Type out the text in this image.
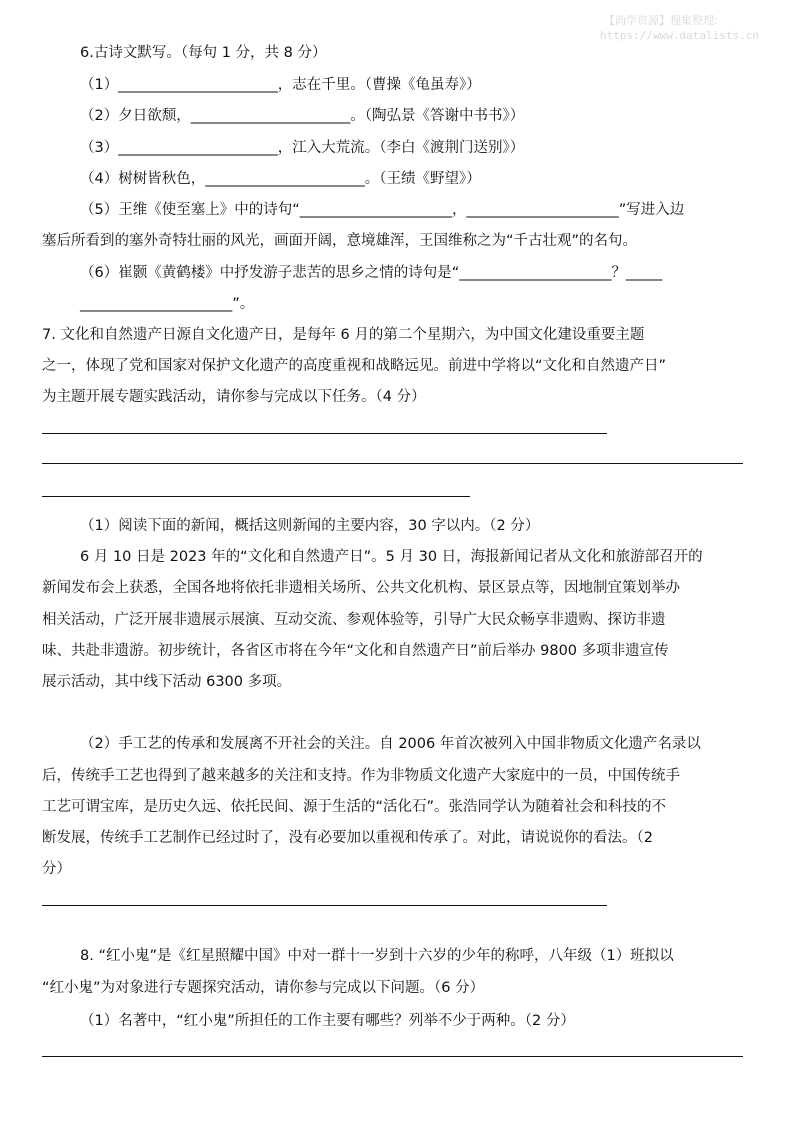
【尚学资源】搜集整理:
https://www.datalists.cn
6.古诗文默写。（每句 1 分，共 8 分）
（1）______________________，志在千里。（曹操《龟虽寿》）
（2）夕日欲颓，______________________。（陶弘景《答谢中书书》）
（3）______________________，江入大荒流。（李白《渡荆门送别》）
（4）树树皆秋色，______________________。（王绩《野望》）
（5）王维《使至塞上》中的诗句“_____________________，_____________________”写进入边
塞后所看到的塞外奇特壮丽的风光，画面开阔，意境雄浑，王国维称之为“千古壮观”的名句。
（6）崔颢《黄鹤楼》中抒发游子悲苦的思乡之情的诗句是“_____________________？_____
_____________________”。
7. 文化和自然遗产日源自文化遗产日，是每年 6 月的第二个星期六，为中国文化建设重要主题
之一，体现了党和国家对保护文化遗产的高度重视和战略远见。前进中学将以“文化和自然遗产日”
为主题开展专题实践活动，请你参与完成以下任务。（4 分）
（1）阅读下面的新闻，概括这则新闻的主要内容，30 字以内。（2 分）
6 月 10 日是 2023 年的“文化和自然遗产日”。5 月 30 日，海报新闻记者从文化和旅游部召开的
新闻发布会上获悉，全国各地将依托非遗相关场所、公共文化机构、景区景点等，因地制宜策划举办
相关活动，广泛开展非遗展示展演、互动交流、参观体验等，引导广大民众畅享非遗购、探访非遗
味、共赴非遗游。初步统计，各省区市将在今年“文化和自然遗产日”前后举办 9800 多项非遗宣传
展示活动，其中线下活动 6300 多项。
（2）手工艺的传承和发展离不开社会的关注。自 2006 年首次被列入中国非物质文化遗产名录以
后，传统手工艺也得到了越来越多的关注和支持。作为非物质文化遗产大家庭中的一员，中国传统手
工艺可谓宝库，是历史久远、依托民间、源于生活的“活化石”。张浩同学认为随着社会和科技的不
断发展，传统手工艺制作已经过时了，没有必要加以重视和传承了。对此，请说说你的看法。（2
分）
8. “红小鬼”是《红星照耀中国》中对一群十一岁到十六岁的少年的称呼，八年级（1）班拟以
“红小鬼”为对象进行专题探究活动，请你参与完成以下问题。（6 分）
（1）名著中，“红小鬼”所担任的工作主要有哪些？列举不少于两种。（2 分）
